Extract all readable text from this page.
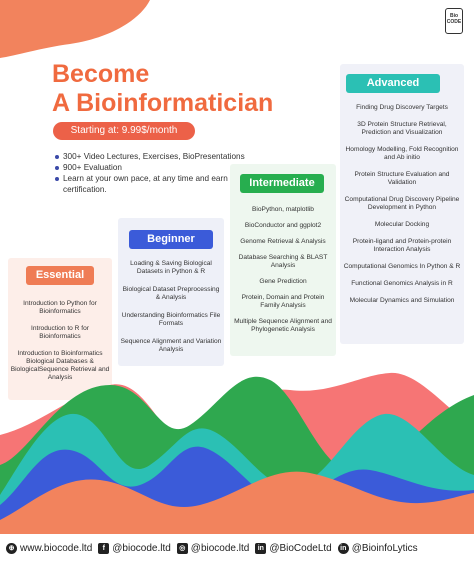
Bio
CODE
Become
A Bioinformatician
Starting at: 9.99$/month
300+ Video Lectures, Exercises, BioPresentations
900+ Evaluation
Learn at your own pace, at any time and earn certification.
Essential
Beginner
Intermediate
Advanced
Introduction to Python for Bioinformatics
Introduction to R for Bioinformatics
Introduction to Bioinformatics Biological Databases & BiologicalSequence Retrieval and Analysis
Loading & Saving Biological Datasets in Python & R
Biological Dataset Preprocessing & Analysis
Understanding Bioinformatics File Formats
Sequence Alignment and Variation Analysis
BioPython, matplotlib
BioConductor and ggplot2
Genome Retrieval & Analysis
Database Searching & BLAST Analysis
Gene Prediction
Protein, Domain and Protein Family Analysis
Multiple Sequence Alignment and Phylogenetic Analysis
Finding Drug Discovery Targets
3D Protein Structure Retrieval, Prediction and Visualization
Homology Modelling, Fold Recognition and Ab initio
Protein Structure Evaluation and Validation
Computational Drug Discovery Pipeline Development in Python
Molecular Docking
Protein-ligand and Protein-protein Interaction Analysis
Computational Genomics In Python & R
Functional Genomics Analysis in R
Molecular Dynamics and Simulation
⊕ www.biocode.ltd	f @biocode.ltd	◎ @biocode.ltd	in @BioCodeLtd	in @BioinfoLytics
